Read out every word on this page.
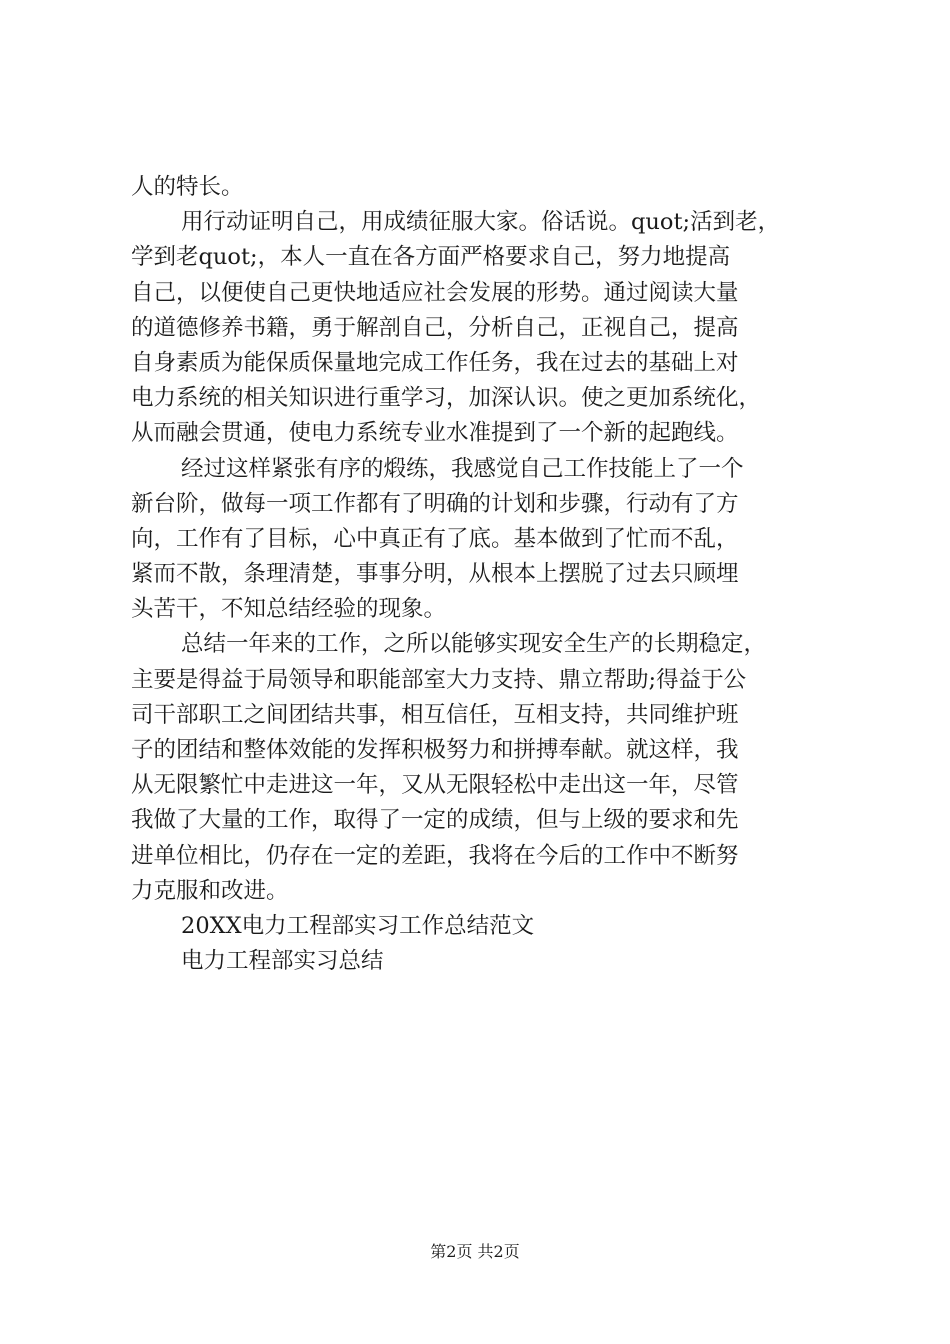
人的特长。
用行动证明自己，用成绩征服大家。俗话说。quot;活到老，
学到老quot;，本人一直在各方面严格要求自己，努力地提高
自己，以便使自己更快地适应社会发展的形势。通过阅读大量
的道德修养书籍，勇于解剖自己，分析自己，正视自己，提高
自身素质为能保质保量地完成工作任务，我在过去的基础上对
电力系统的相关知识进行重学习，加深认识。使之更加系统化，
从而融会贯通，使电力系统专业水准提到了一个新的起跑线。
经过这样紧张有序的煅练，我感觉自己工作技能上了一个
新台阶，做每一项工作都有了明确的计划和步骤，行动有了方
向，工作有了目标，心中真正有了底。基本做到了忙而不乱，
紧而不散，条理清楚，事事分明，从根本上摆脱了过去只顾埋
头苦干，不知总结经验的现象。
总结一年来的工作，之所以能够实现安全生产的长期稳定，
主要是得益于局领导和职能部室大力支持、鼎立帮助;得益于公
司干部职工之间团结共事，相互信任，互相支持，共同维护班
子的团结和整体效能的发挥积极努力和拼搏奉献。就这样，我
从无限繁忙中走进这一年，又从无限轻松中走出这一年，尽管
我做了大量的工作，取得了一定的成绩，但与上级的要求和先
进单位相比，仍存在一定的差距，我将在今后的工作中不断努
力克服和改进。
20XX电力工程部实习工作总结范文
电力工程部实习总结
第2页 共2页
